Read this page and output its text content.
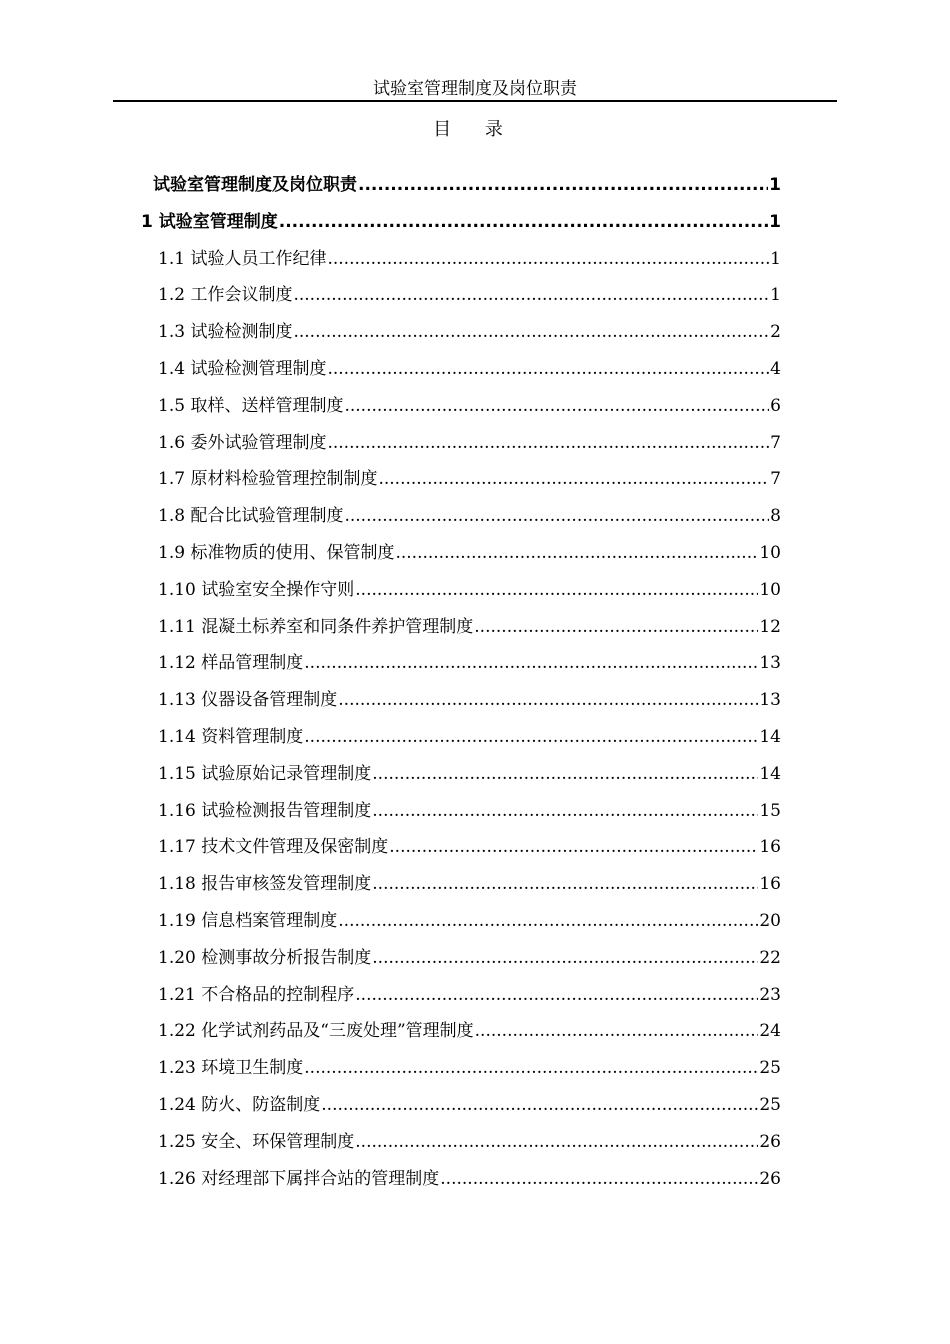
试验室管理制度及岗位职责
目 录
试验室管理制度及岗位职责 .....	1
1 试验室管理制度 .....	1
1.1 试验人员工作纪律 .....	1
1.2 工作会议制度 .....	1
1.3 试验检测制度 .....	2
1.4 试验检测管理制度 .....	4
1.5 取样、送样管理制度 .....	6
1.6 委外试验管理制度 .....	7
1.7 原材料检验管理控制制度 .....	7
1.8 配合比试验管理制度 .....	8
1.9 标准物质的使用、保管制度 .....	10
1.10 试验室安全操作守则 .....	10
1.11 混凝土标养室和同条件养护管理制度 .....	12
1.12 样品管理制度 .....	13
1.13 仪器设备管理制度 .....	13
1.14 资料管理制度 .....	14
1.15 试验原始记录管理制度 .....	14
1.16 试验检测报告管理制度 .....	15
1.17 技术文件管理及保密制度 .....	16
1.18 报告审核签发管理制度 .....	16
1.19 信息档案管理制度 .....	20
1.20 检测事故分析报告制度 .....	22
1.21 不合格品的控制程序 .....	23
1.22 化学试剂药品及“三废处理”管理制度 .....	24
1.23 环境卫生制度 .....	25
1.24 防火、防盗制度 .....	25
1.25 安全、环保管理制度 .....	26
1.26 对经理部下属拌合站的管理制度 .....	26
